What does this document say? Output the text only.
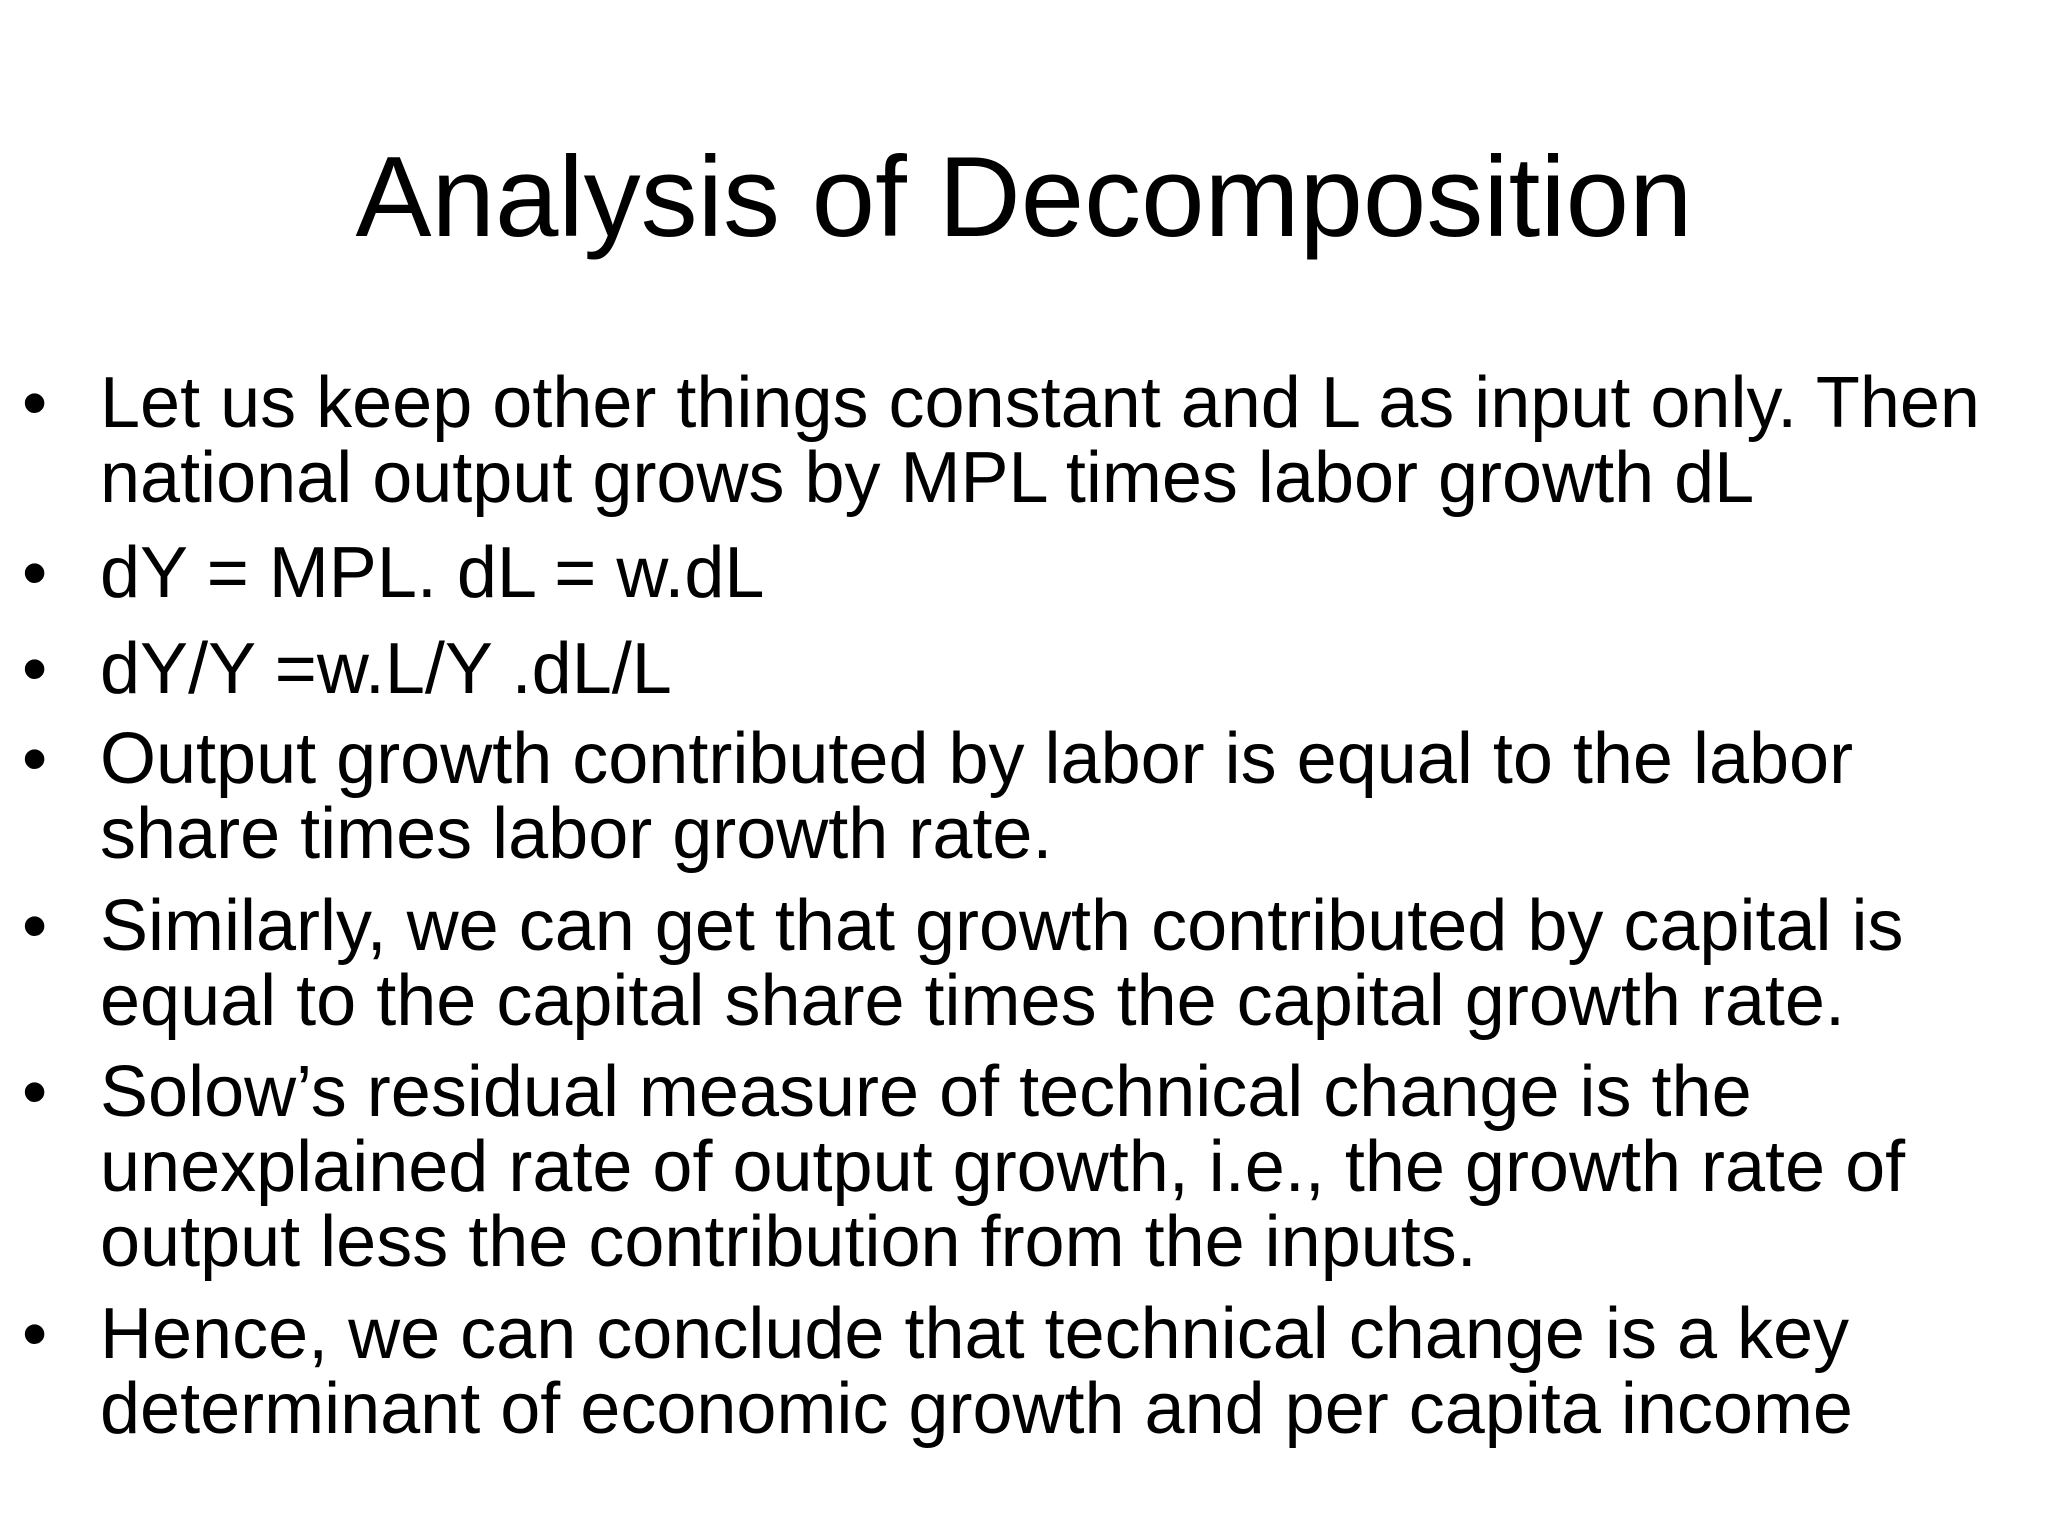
Analysis of Decomposition
• Let us keep other things constant and L as input only. Then
national output grows by MPL times labor growth dL
• dY = MPL. dL = w.dL
• dY/Y =w.L/Y .dL/L
• Output growth contributed by labor is equal to the labor
share times labor growth rate.
• Similarly, we can get that growth contributed by capital is
equal to the capital share times the capital growth rate.
• Solow’s residual measure of technical change is the
unexplained rate of output growth, i.e., the growth rate of
output less the contribution from the inputs.
• Hence, we can conclude that technical change is a key
determinant of economic growth and per capita income
